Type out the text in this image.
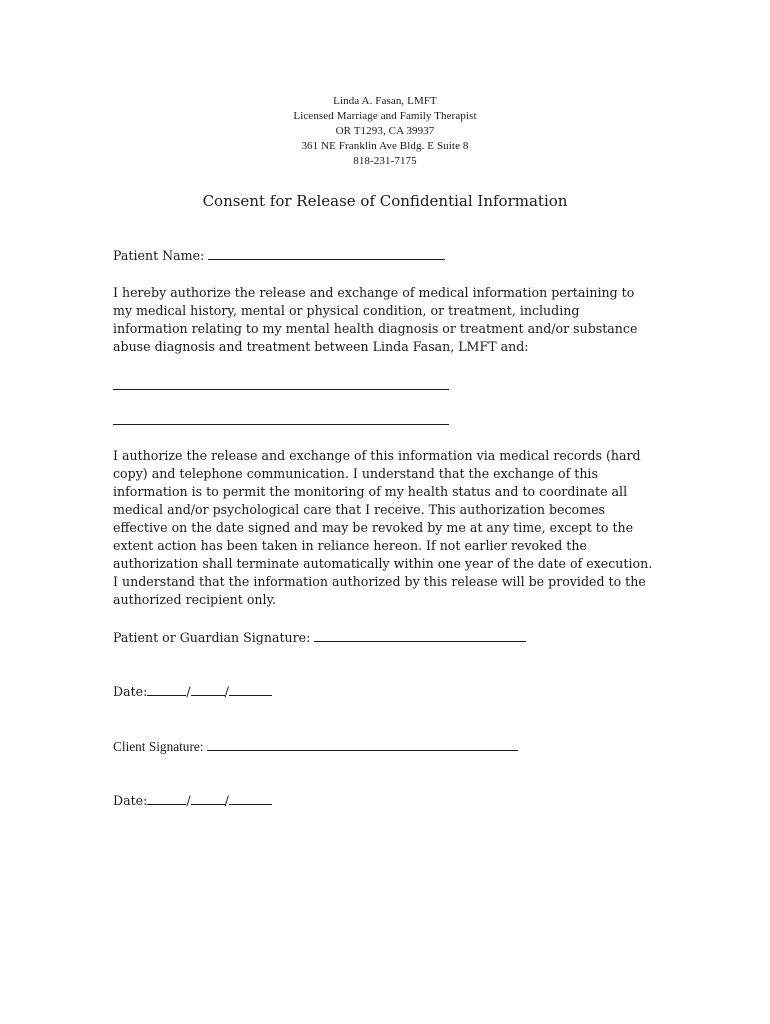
Linda A. Fasan, LMFT
Licensed Marriage and Family Therapist
OR T1293, CA 39937
361 NE Franklin Ave Bldg. E Suite 8
818-231-7175
Consent for Release of Confidential Information
Patient Name:
I hereby authorize the release and exchange of medical information pertaining to
my medical history, mental or physical condition, or treatment, including
information relating to my mental health diagnosis or treatment and/or substance
abuse diagnosis and treatment between Linda Fasan, LMFT and:
I authorize the release and exchange of this information via medical records (hard
copy) and telephone communication. I understand that the exchange of this
information is to permit the monitoring of my health status and to coordinate all
medical and/or psychological care that I receive. This authorization becomes
effective on the date signed and may be revoked by me at any time, except to the
extent action has been taken in reliance hereon. If not earlier revoked the
authorization shall terminate automatically within one year of the date of execution.
I understand that the information authorized by this release will be provided to the
authorized recipient only.
Patient or Guardian Signature:
Date:	/	/
Client Signature:
Date:	/	/
